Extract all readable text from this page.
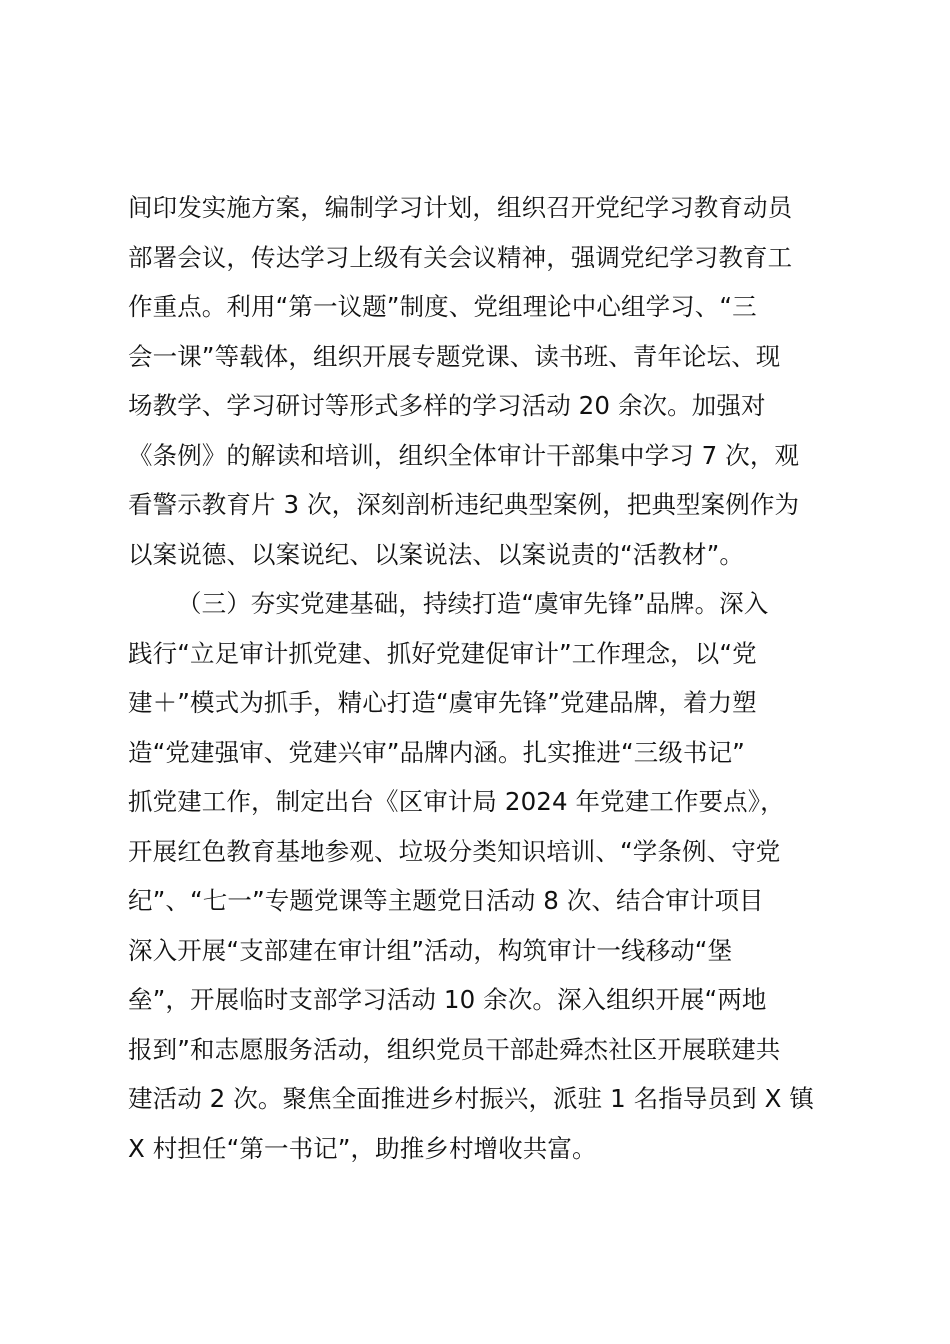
间印发实施方案，编制学习计划，组织召开党纪学习教育动员
部署会议，传达学习上级有关会议精神，强调党纪学习教育工
作重点。利用“第一议题”制度、党组理论中心组学习、“三
会一课”等载体，组织开展专题党课、读书班、青年论坛、现
场教学、学习研讨等形式多样的学习活动 20 余次。加强对
《条例》的解读和培训，组织全体审计干部集中学习 7 次，观
看警示教育片 3 次，深刻剖析违纪典型案例，把典型案例作为
以案说德、以案说纪、以案说法、以案说责的“活教材”。
（三）夯实党建基础，持续打造“虞审先锋”品牌。深入
践行“立足审计抓党建、抓好党建促审计”工作理念，以“党
建＋”模式为抓手，精心打造“虞审先锋”党建品牌，着力塑
造“党建强审、党建兴审”品牌内涵。扎实推进“三级书记”
抓党建工作，制定出台《区审计局 2024 年党建工作要点》，
开展红色教育基地参观、垃圾分类知识培训、“学条例、守党
纪”、“七一”专题党课等主题党日活动 8 次、结合审计项目
深入开展“支部建在审计组”活动，构筑审计一线移动“堡
垒”，开展临时支部学习活动 10 余次。深入组织开展“两地
报到”和志愿服务活动，组织党员干部赴舜杰社区开展联建共
建活动 2 次。聚焦全面推进乡村振兴，派驻 1 名指导员到 X 镇
X 村担任“第一书记”，助推乡村增收共富。
